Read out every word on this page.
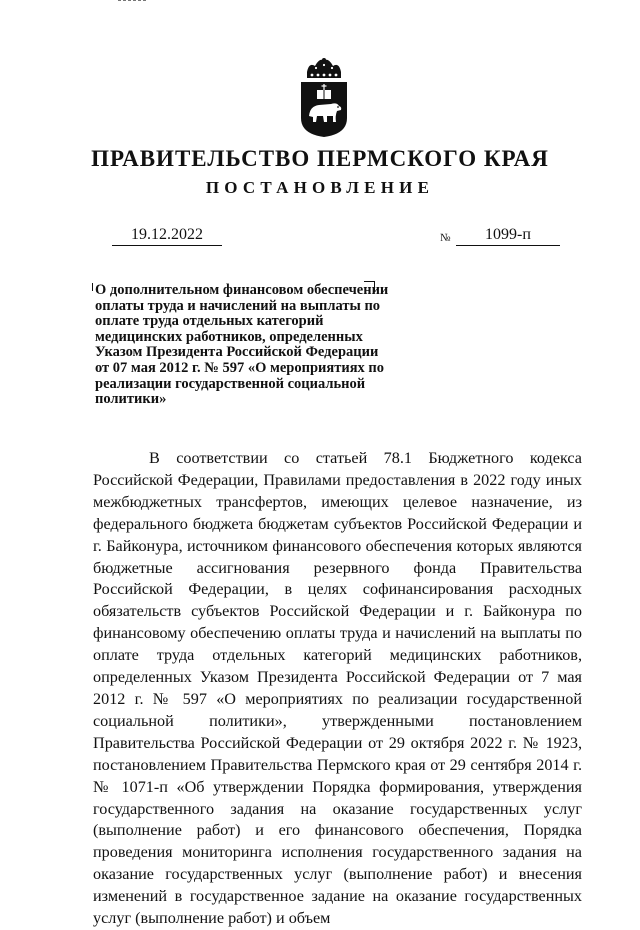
ПРАВИТЕЛЬСТВО ПЕРМСКОГО КРАЯ
ПОСТАНОВЛЕНИЕ
19.12.2022	№	1099-п
О дополнительном финансовом обеспечении оплаты труда и начислений на выплаты по оплате труда отдельных категорий медицинских работников, определенных Указом Президента Российской Федерации от 07 мая 2012 г. № 597 «О мероприятиях по реализации государственной социальной политики»
В соответствии со статьей 78.1 Бюджетного кодекса Российской Федерации, Правилами предоставления в 2022 году иных межбюджетных трансфертов, имеющих целевое назначение, из федерального бюджета бюджетам субъектов Российской Федерации и г. Байконура, источником финансового обеспечения которых являются бюджетные ассигнования резервного фонда Правительства Российской Федерации, в целях софинансирования расходных обязательств субъектов Российской Федерации и г. Байконура по финансовому обеспечению оплаты труда и начислений на выплаты по оплате труда отдельных категорий медицинских работников, определенных Указом Президента Российской Федерации от 7 мая 2012 г. № 597 «О мероприятиях по реализации государственной социальной политики», утвержденными постановлением Правительства Российской Федерации от 29 октября 2022 г. № 1923, постановлением Правительства Пермского края от 29 сентября 2014 г. № 1071-п «Об утверждении Порядка формирования, утверждения государственного задания на оказание государственных услуг (выполнение работ) и его финансового обеспечения, Порядка проведения мониторинга исполнения государственного задания на оказание государственных услуг (выполнение работ) и внесения изменений в государственное задание на оказание государственных услуг (выполнение работ) и объем
